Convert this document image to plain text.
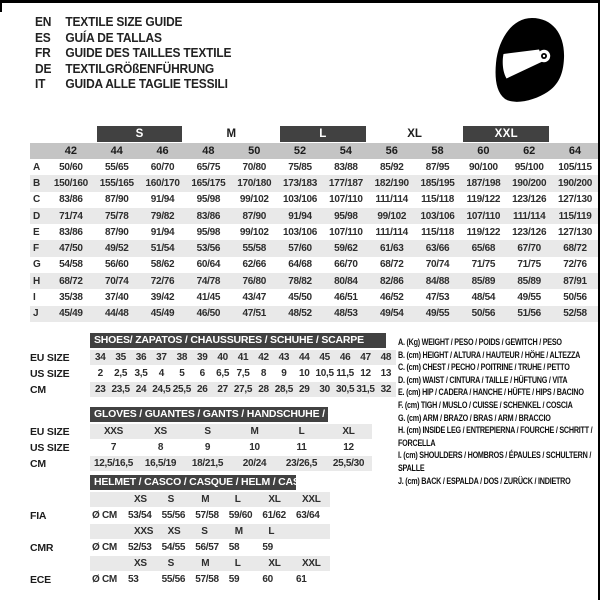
EN	TEXTILE SIZE GUIDE
ES	GUÍA DE TALLAS
FR	GUIDE DES TAILLES TEXTILE
DE	TEXTILGRÖßENFÜHRUNG
IT	GUIDA ALLE TAGLIE TESSILI

		S		M		L		XL		XXL		

	42	44	46	48	50	52	54	56	58	60	62	64
A	50/60	55/65	60/70	65/75	70/80	75/85	83/88	85/92	87/95	90/100	95/100	105/115
B	150/160	155/165	160/170	165/175	170/180	173/183	177/187	182/190	185/195	187/198	190/200	190/200
C	83/86	87/90	91/94	95/98	99/102	103/106	107/110	111/114	115/118	119/122	123/126	127/130
D	71/74	75/78	79/82	83/86	87/90	91/94	95/98	99/102	103/106	107/110	111/114	115/119
E	83/86	87/90	91/94	95/98	99/102	103/106	107/110	111/114	115/118	119/122	123/126	127/130
F	47/50	49/52	51/54	53/56	55/58	57/60	59/62	61/63	63/66	65/68	67/70	68/72
G	54/58	56/60	58/62	60/64	62/66	64/68	66/70	68/72	70/74	71/75	71/75	72/76
H	68/72	70/74	72/76	74/78	76/80	78/82	80/84	82/86	84/88	85/89	85/89	87/91
I	35/38	37/40	39/42	41/45	43/47	45/50	46/51	46/52	47/53	48/54	49/55	50/56
J	45/49	44/48	45/49	46/50	47/51	48/52	48/53	49/54	49/55	50/56	51/56	52/58
SHOES/ ZAPATOS / CHAUSSURES / SCHUHE / SCARPE
EU SIZE	34 35 36 37 38 39 40 41 42 43 44 45 46 47 48
US SIZE	2	2,5 3,5	4	5	6	6,5 7,5	8	9	10 10,5 11,5 12 13
CM	23 23,5 24 24,5 25,5 26 27 27,5 28 28,5 29 30 30,5 31,5 32
GLOVES / GUANTES / GANTS / HANDSCHUHE / GUANTI
EU SIZE	XXS	XS	S	M	L	XL
US SIZE	7	8	9	10	11	12
CM	12,5/16,5	16,5/19	18/21,5	20/24	23/26,5	25,5/30
HELMET / CASCO / CASQUE / HELM / CASCO
XS	S	M	L	XL	XXL
FIA	Ø CM	53/54	55/56	57/58	59/60	61/62	63/64
XXS	XS	S	M	L
CMR	Ø CM	52/53	54/55	56/57	58	59
XS	S	M	L	XL	XXL
ECE	Ø CM	53	55/56	57/58	59	60	61
A. (Kg) WEIGHT / PESO / POIDS / GEWITCH / PESO
B. (cm) HEIGHT / ALTURA / HAUTEUR / HÖHE / ALTEZZA
C. (cm) CHEST / PECHO / POITRINE / TRUHE / PETTO
D. (cm) WAIST / CINTURA / TAILLE / HÜFTUNG / VITA
E. (cm) HIP / CADERA / HANCHE / HÜFTE / HIPS / BACINO
F. (cm) TIGH / MUSLO / CUISSE / SCHENKEL / COSCIA
G. (cm) ARM / BRAZO / BRAS / ARM / BRACCIO
H. (cm) INSIDE LEG / ENTREPIERNA / FOURCHE / SCHRITT / FORCELLA
I. (cm) SHOULDERS / HOMBROS / ÉPAULES / SCHULTERN / SPALLE
J. (cm) BACK / ESPALDA / DOS / ZURÜCK / INDIETRO
